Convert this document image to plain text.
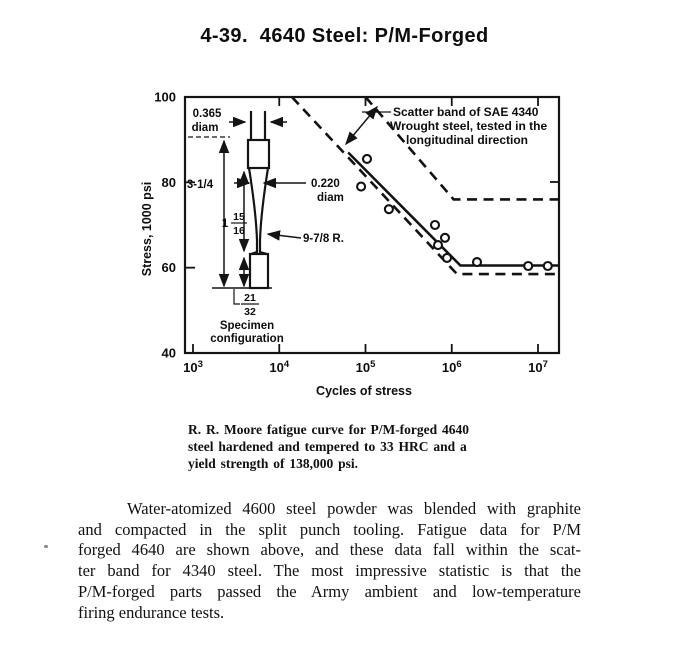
4-39.  4640 Steel: P/M-Forged
100
80
60
40
$10^3$	$10^4$	$10^5$	$10^6$	$10^7$
Stress, 1000 psi
Cycles of stress
Scatter band of SAE 4340
Wrought steel, tested in the
longitudinal direction
0.365
diam
3-1/4
1
15
16
0.220
diam
9-7/8 R.
21
32
Specimen
configuration
R. R. Moore fatigue curve for P/M-forged 4640
steel hardened and tempered to 33 HRC and a
yield strength of 138,000 psi.
Water-atomized 4600 steel powder was blended with graphite
and compacted in the split punch tooling. Fatigue data for P/M
forged 4640 are shown above, and these data fall within the scat-
ter band for 4340 steel. The most impressive statistic is that the
P/M-forged parts passed the Army ambient and low-temperature
firing endurance tests.
